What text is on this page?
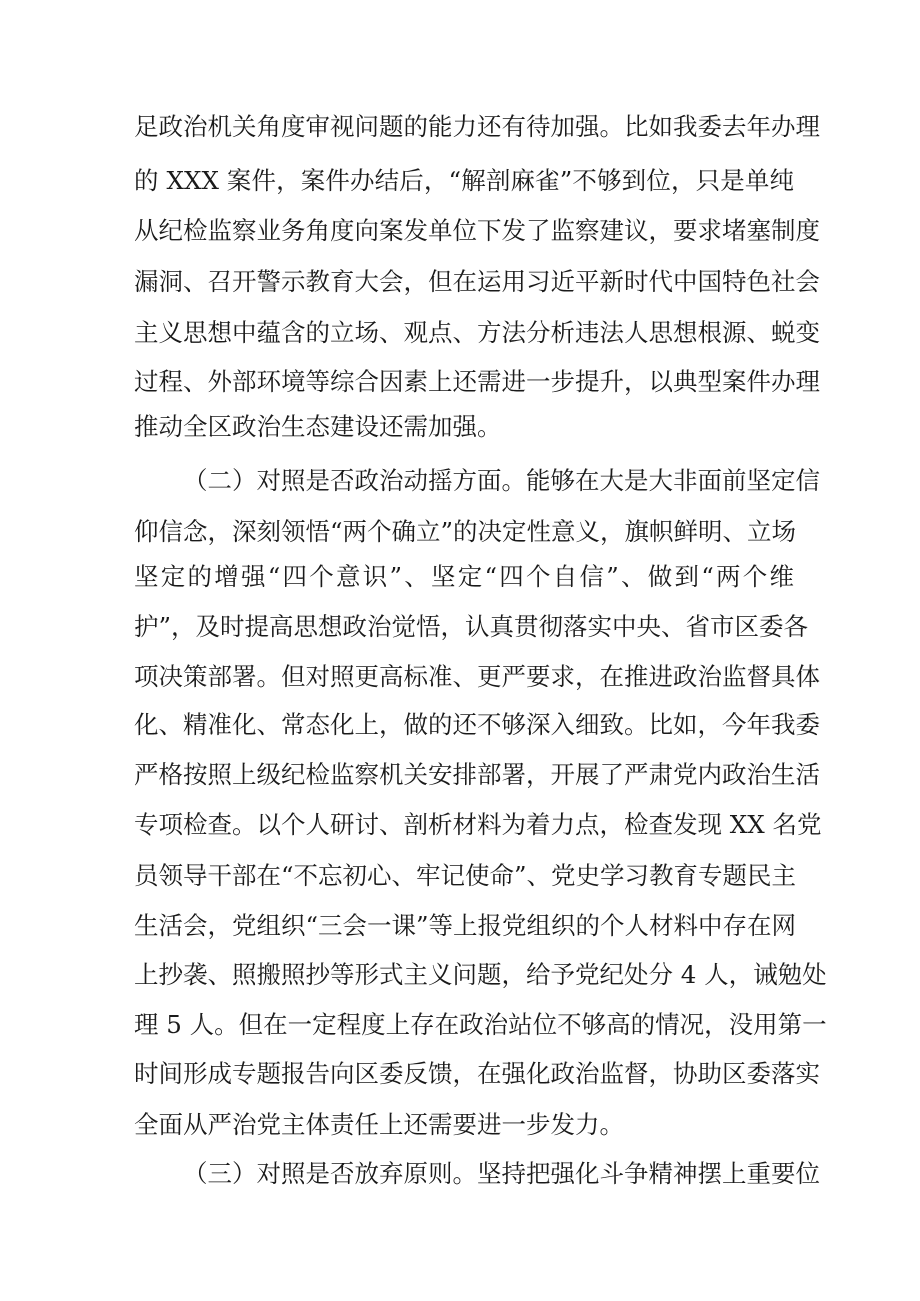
足政治机关角度审视问题的能力还有待加强。比如我委去年办理
的 XXX 案件，案件办结后，“解剖麻雀”不够到位，只是单纯
从纪检监察业务角度向案发单位下发了监察建议，要求堵塞制度
漏洞、召开警示教育大会，但在运用习近平新时代中国特色社会
主义思想中蕴含的立场、观点、方法分析违法人思想根源、蜕变
过程、外部环境等综合因素上还需进一步提升，以典型案件办理
推动全区政治生态建设还需加强。
（二）对照是否政治动摇方面。能够在大是大非面前坚定信
仰信念，深刻领悟“两个确立”的决定性意义，旗帜鲜明、立场
坚定的增强“四个意识”、坚定“四个自信”、做到“两个维
护”，及时提高思想政治觉悟，认真贯彻落实中央、省市区委各
项决策部署。但对照更高标准、更严要求，在推进政治监督具体
化、精准化、常态化上，做的还不够深入细致。比如，今年我委
严格按照上级纪检监察机关安排部署，开展了严肃党内政治生活
专项检查。以个人研讨、剖析材料为着力点，检查发现 XX 名党
员领导干部在“不忘初心、牢记使命”、党史学习教育专题民主
生活会，党组织“三会一课”等上报党组织的个人材料中存在网
上抄袭、照搬照抄等形式主义问题，给予党纪处分 4 人，诫勉处
理 5 人。但在一定程度上存在政治站位不够高的情况，没用第一
时间形成专题报告向区委反馈，在强化政治监督，协助区委落实
全面从严治党主体责任上还需要进一步发力。
（三）对照是否放弃原则。坚持把强化斗争精神摆上重要位
